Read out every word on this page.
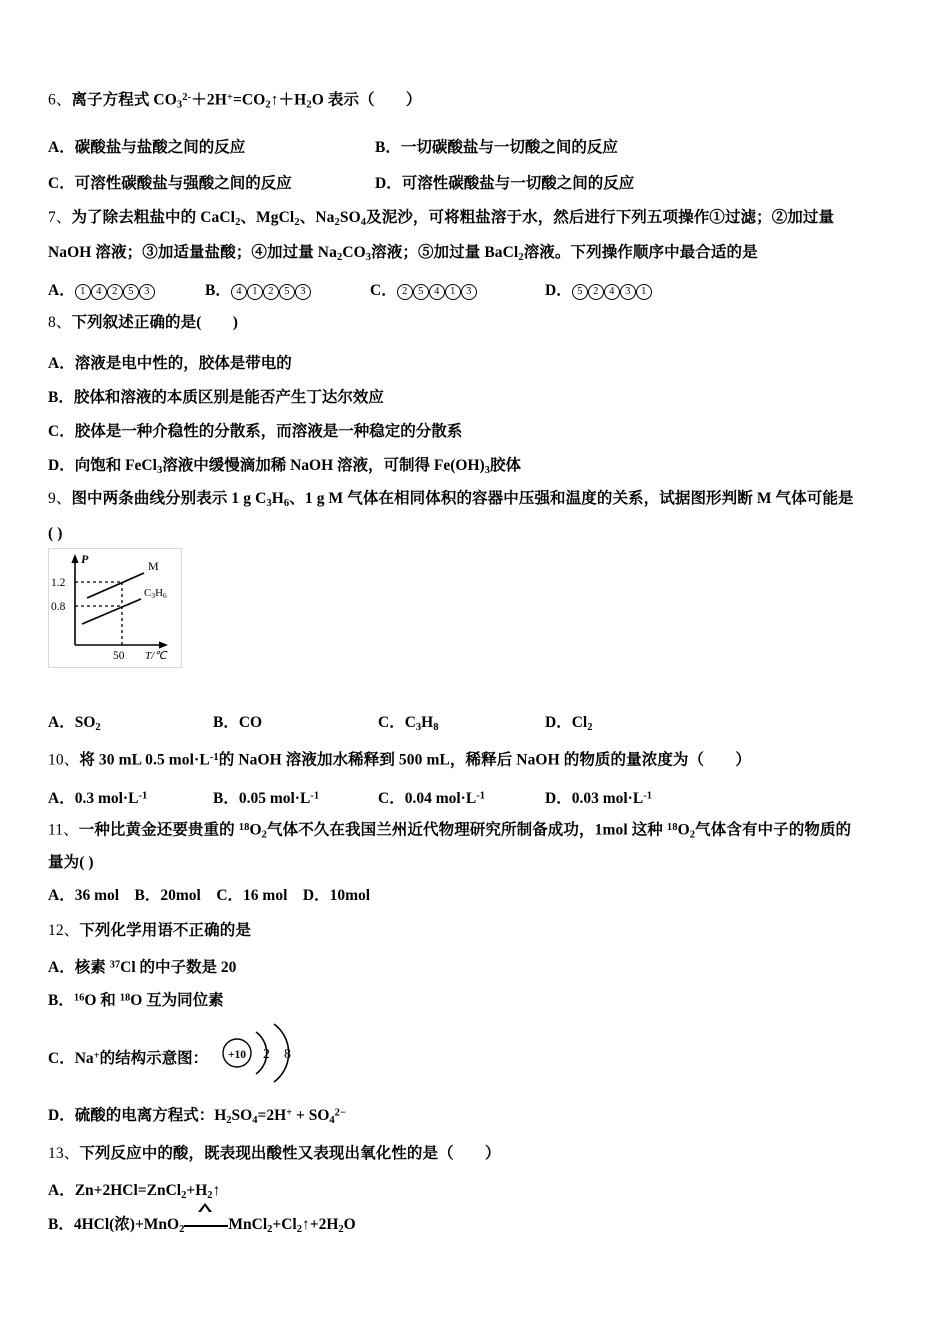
6、离子方程式 $CO_3^{2-}+2H^+=CO_2↑+H_2O$ 表示（　　）
A．碳酸盐与盐酸之间的反应	B．一切碳酸盐与一切酸之间的反应
C．可溶性碳酸盐与强酸之间的反应	D．可溶性碳酸盐与一切酸之间的反应
7、为了除去粗盐中的 CaCl$_2$、MgCl$_2$、$Na_2SO_4$及泥沙，可将粗盐溶于水，然后进行下列五项操作①过滤；②加过量
NaOH 溶液；③加适量盐酸；④加过量 $Na_2CO_3$溶液；⑤加过量 BaCl$_2$溶液。下列操作顺序中最合适的是
A． 1 4 2 5 3	B． 4 1 2 5 3	C． 2 5 4 1 3	D． 5 2 4 3 1
8、下列叙述正确的是(　　)
A．溶液是电中性的，胶体是带电的
B．胶体和溶液的本质区别是能否产生丁达尔效应
C．胶体是一种介稳性的分散系，而溶液是一种稳定的分散系
D．向饱和 FeCl$_3$溶液中缓慢滴加稀 NaOH 溶液，可制得 $Fe(OH)_3$胶体
9、图中两条曲线分别表示 1 g $C_3H_6$、1 g M 气体在相同体积的容器中压强和温度的关系，试据图形判断 M 气体可能是
( )
P
1.2
0.8
50 T/℃
M
C3H6
A．$SO_2$	B．CO	C．$C_3H_8$	D．$Cl_2$
10、将 30 mL 0.5 $mol\cdot L^{-1}$的 NaOH 溶液加水稀释到 500 mL，稀释后 NaOH 的物质的量浓度为（　　）
A．0.3 $mol\cdot L^{-1}$	B．0.05 $mol\cdot L^{-1}$	C．0.04 $mol\cdot L^{-1}$	D．0.03 $mol\cdot L^{-1}$
11、一种比黄金还要贵重的 $^{18}O_2$气体不久在我国兰州近代物理研究所制备成功，1mol 这种 $^{18}O_2$气体含有中子的物质的
量为( )
A．36 mol　B．20mol　C．16 mol　D．10mol
12、下列化学用语不正确的是
A．核素 $^{37}$Cl 的中子数是 20
B．$^{16}$O 和 $^{18}$O 互为同位素
C．Na+的结构示意图： +10 2 8
D．硫酸的电离方程式：$H_2SO_4=2H^+ + SO_4^{2-}$
13、下列反应中的酸，既表现出酸性又表现出氧化性的是（　　）
A．$Zn+2HCl=ZnCl_2+H_2↑$
B．4HCl(浓)+MnO$_2$	$MnCl_2+Cl_2↑+2H_2O$
